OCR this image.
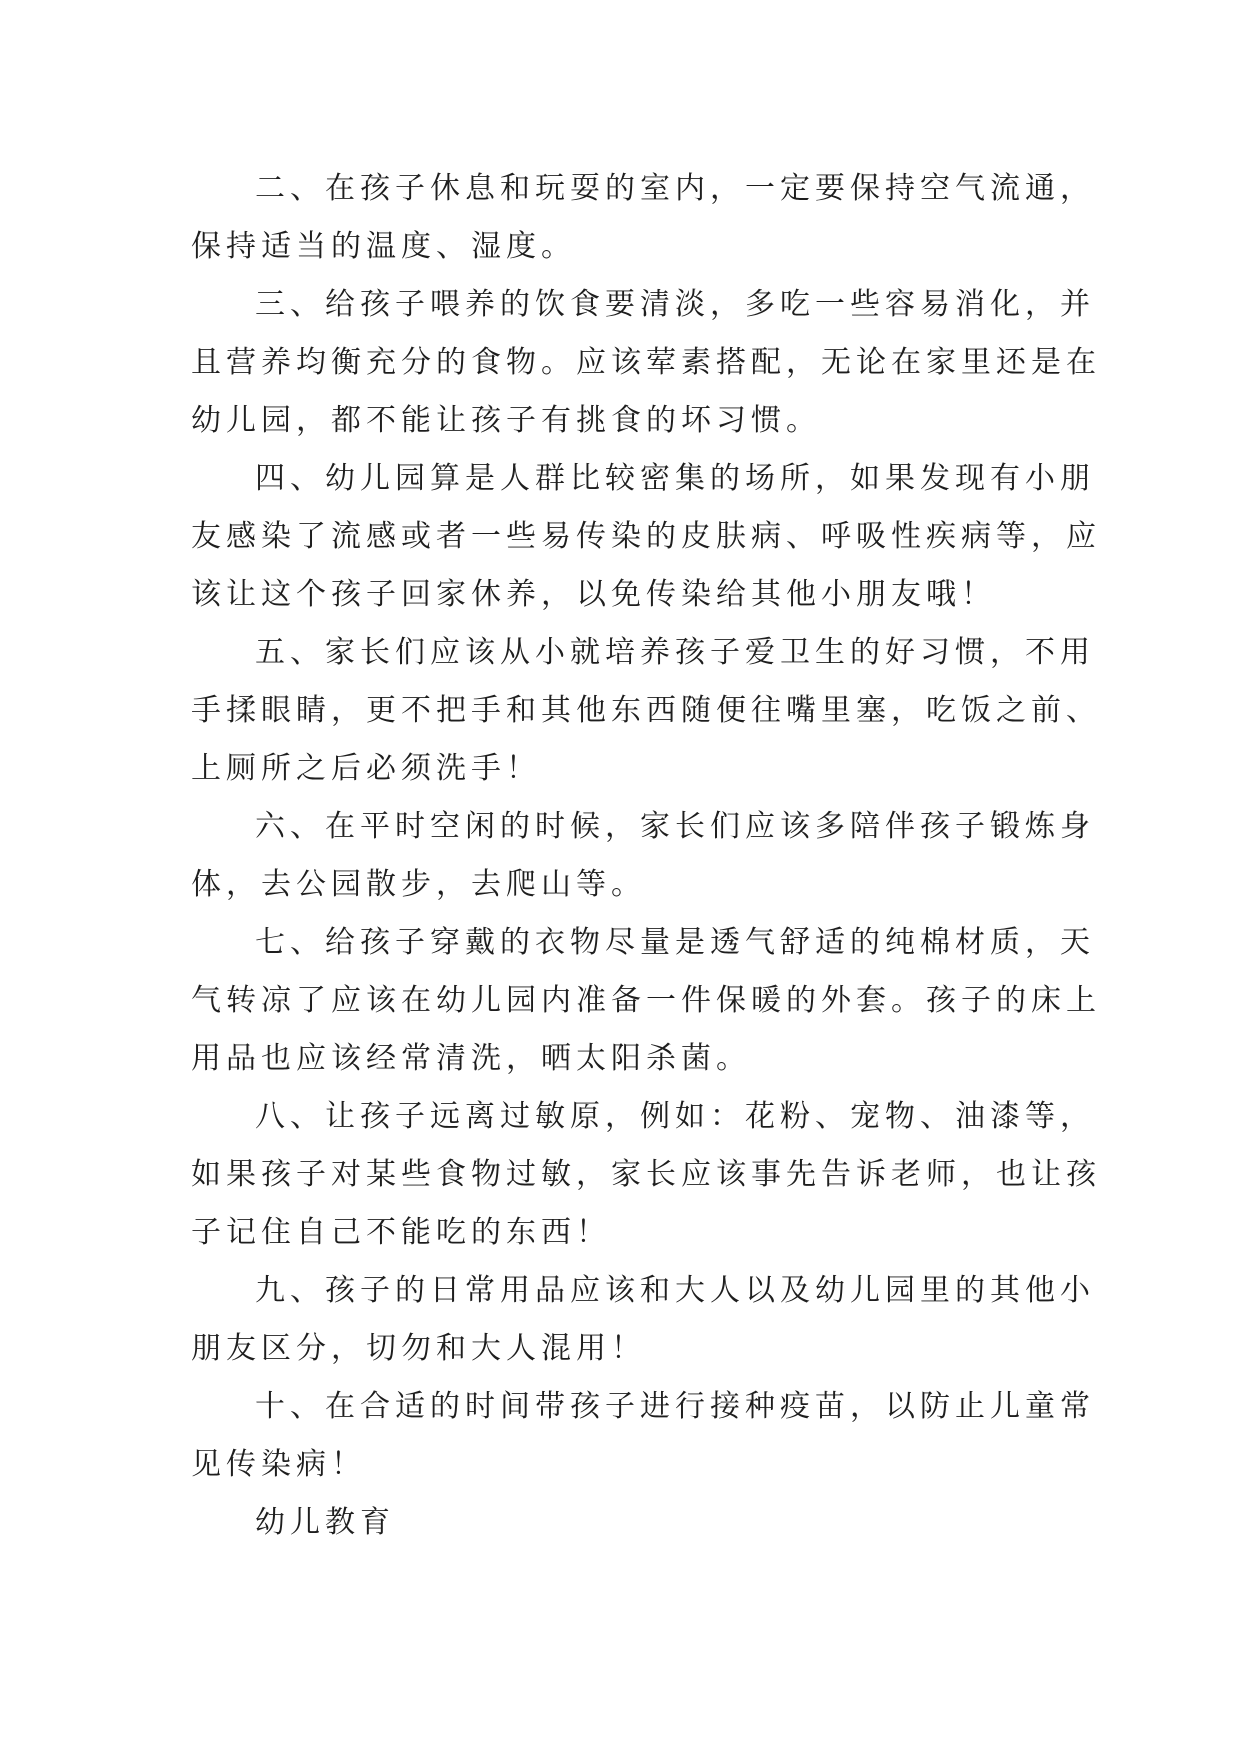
二、在孩子休息和玩耍的室内，一定要保持空气流通，
保持适当的温度、湿度。

三、给孩子喂养的饮食要清淡，多吃一些容易消化，并
且营养均衡充分的食物。应该荤素搭配，无论在家里还是在
幼儿园，都不能让孩子有挑食的坏习惯。

四、幼儿园算是人群比较密集的场所，如果发现有小朋
友感染了流感或者一些易传染的皮肤病、呼吸性疾病等，应
该让这个孩子回家休养，以免传染给其他小朋友哦！

五、家长们应该从小就培养孩子爱卫生的好习惯，不用
手揉眼睛，更不把手和其他东西随便往嘴里塞，吃饭之前、
上厕所之后必须洗手！

六、在平时空闲的时候，家长们应该多陪伴孩子锻炼身
体，去公园散步，去爬山等。

七、给孩子穿戴的衣物尽量是透气舒适的纯棉材质，天
气转凉了应该在幼儿园内准备一件保暖的外套。孩子的床上
用品也应该经常清洗，晒太阳杀菌。

八、让孩子远离过敏原，例如：花粉、宠物、油漆等，
如果孩子对某些食物过敏，家长应该事先告诉老师，也让孩
子记住自己不能吃的东西！

九、孩子的日常用品应该和大人以及幼儿园里的其他小
朋友区分，切勿和大人混用！

十、在合适的时间带孩子进行接种疫苗，以防止儿童常
见传染病！

幼儿教育
